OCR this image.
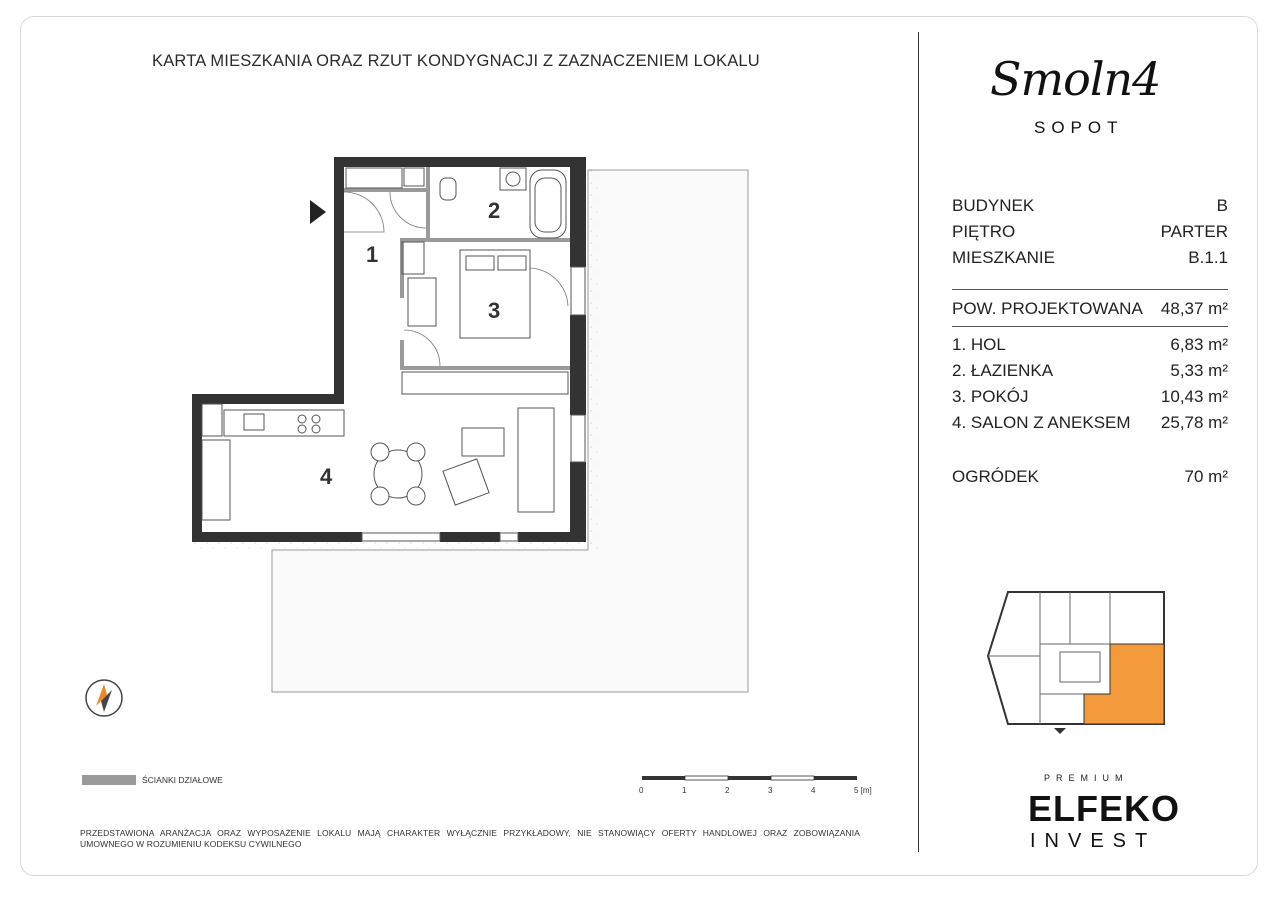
KARTA MIESZKANIA ORAZ RZUT KONDYGNACJI Z ZAZNACZENIEM LOKALU	Smoln4
SOPOT
BUDYNEK	B
PIĘTRO	PARTER
MIESZKANIE	B.1.1
POW. PROJEKTOWANA 48,37 m²
1. HOL	6,83 m²
2. ŁAZIENKA	5,33 m²
3. POKÓJ	10,43 m²
4. SALON Z ANEKSEM 25,78 m²
OGRÓDEK	70 m²
1
2
3
4
ŚCIANKI DZIAŁOWE
0	1	2	3	4	5 [m]
PRZEDSTAWIONA ARANŻACJA ORAZ WYPOSAŻENIE LOKALU MAJĄ CHARAKTER WYŁĄCZNIE PRZYKŁADOWY, NIE STANOWIĄCY OFERTY HANDLOWEJ ORAZ ZOBOWIĄZANIA UMOWNEGO W ROZUMIENIU KODEKSU CYWILNEGO
PREMIUM
ELFEKO
INVEST
